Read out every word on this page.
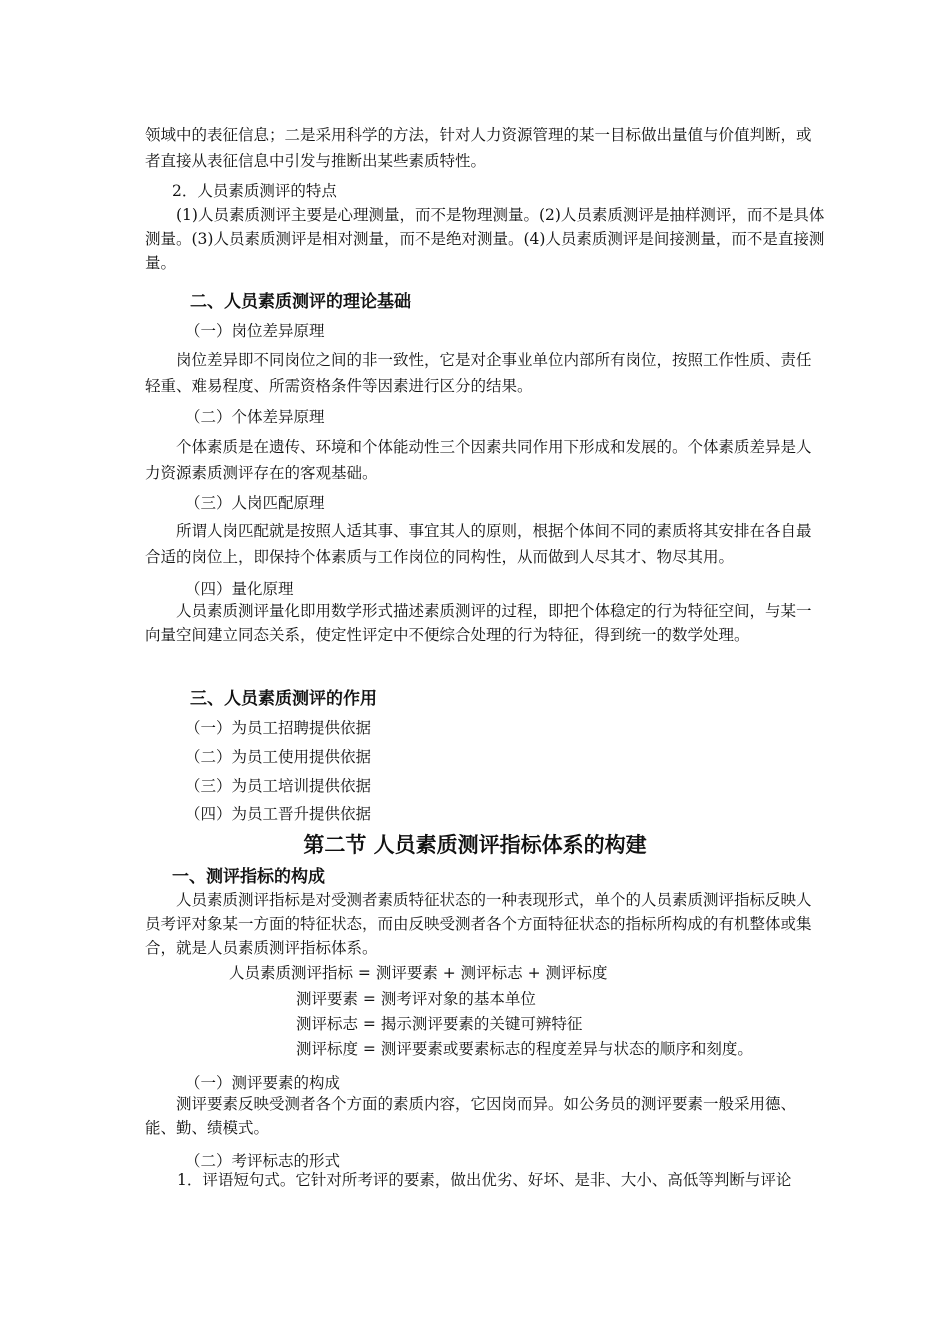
领域中的表征信息；二是采用科学的方法，针对人力资源管理的某一目标做出量值与价值判断，或者直接从表征信息中引发与推断出某些素质特性。

2．人员素质测评的特点

(1)人员素质测评主要是心理测量，而不是物理测量。(2)人员素质测评是抽样测评，而不是具体测量。(3)人员素质测评是相对测量，而不是绝对测量。(4)人员素质测评是间接测量，而不是直接测量。

二、人员素质测评的理论基础

（一）岗位差异原理

岗位差异即不同岗位之间的非一致性，它是对企事业单位内部所有岗位，按照工作性质、责任轻重、难易程度、所需资格条件等因素进行区分的结果。

（二）个体差异原理

个体素质是在遗传、环境和个体能动性三个因素共同作用下形成和发展的。个体素质差异是人力资源素质测评存在的客观基础。

（三）人岗匹配原理

所谓人岗匹配就是按照人适其事、事宜其人的原则，根据个体间不同的素质将其安排在各自最合适的岗位上，即保持个体素质与工作岗位的同构性，从而做到人尽其才、物尽其用。

（四）量化原理

人员素质测评量化即用数学形式描述素质测评的过程，即把个体稳定的行为特征空间，与某一向量空间建立同态关系，使定性评定中不便综合处理的行为特征，得到统一的数学处理。

三、人员素质测评的作用

（一）为员工招聘提供依据

（二）为员工使用提供依据

（三）为员工培训提供依据

（四）为员工晋升提供依据

第二节 人员素质测评指标体系的构建
一、测评指标的构成

人员素质测评指标是对受测者素质特征状态的一种表现形式，单个的人员素质测评指标反映人员考评对象某一方面的特征状态，而由反映受测者各个方面特征状态的指标所构成的有机整体或集合，就是人员素质测评指标体系。

人员素质测评指标 = 测评要素 + 测评标志 + 测评标度

测评要素 = 测考评对象的基本单位

测评标志 = 揭示测评要素的关键可辨特征

测评标度 = 测评要素或要素标志的程度差异与状态的顺序和刻度。

（一）测评要素的构成

测评要素反映受测者各个方面的素质内容，它因岗而异。如公务员的测评要素一般采用德、能、勤、绩模式。

（二）考评标志的形式

1．评语短句式。它针对所考评的要素，做出优劣、好坏、是非、大小、高低等判断与评论
